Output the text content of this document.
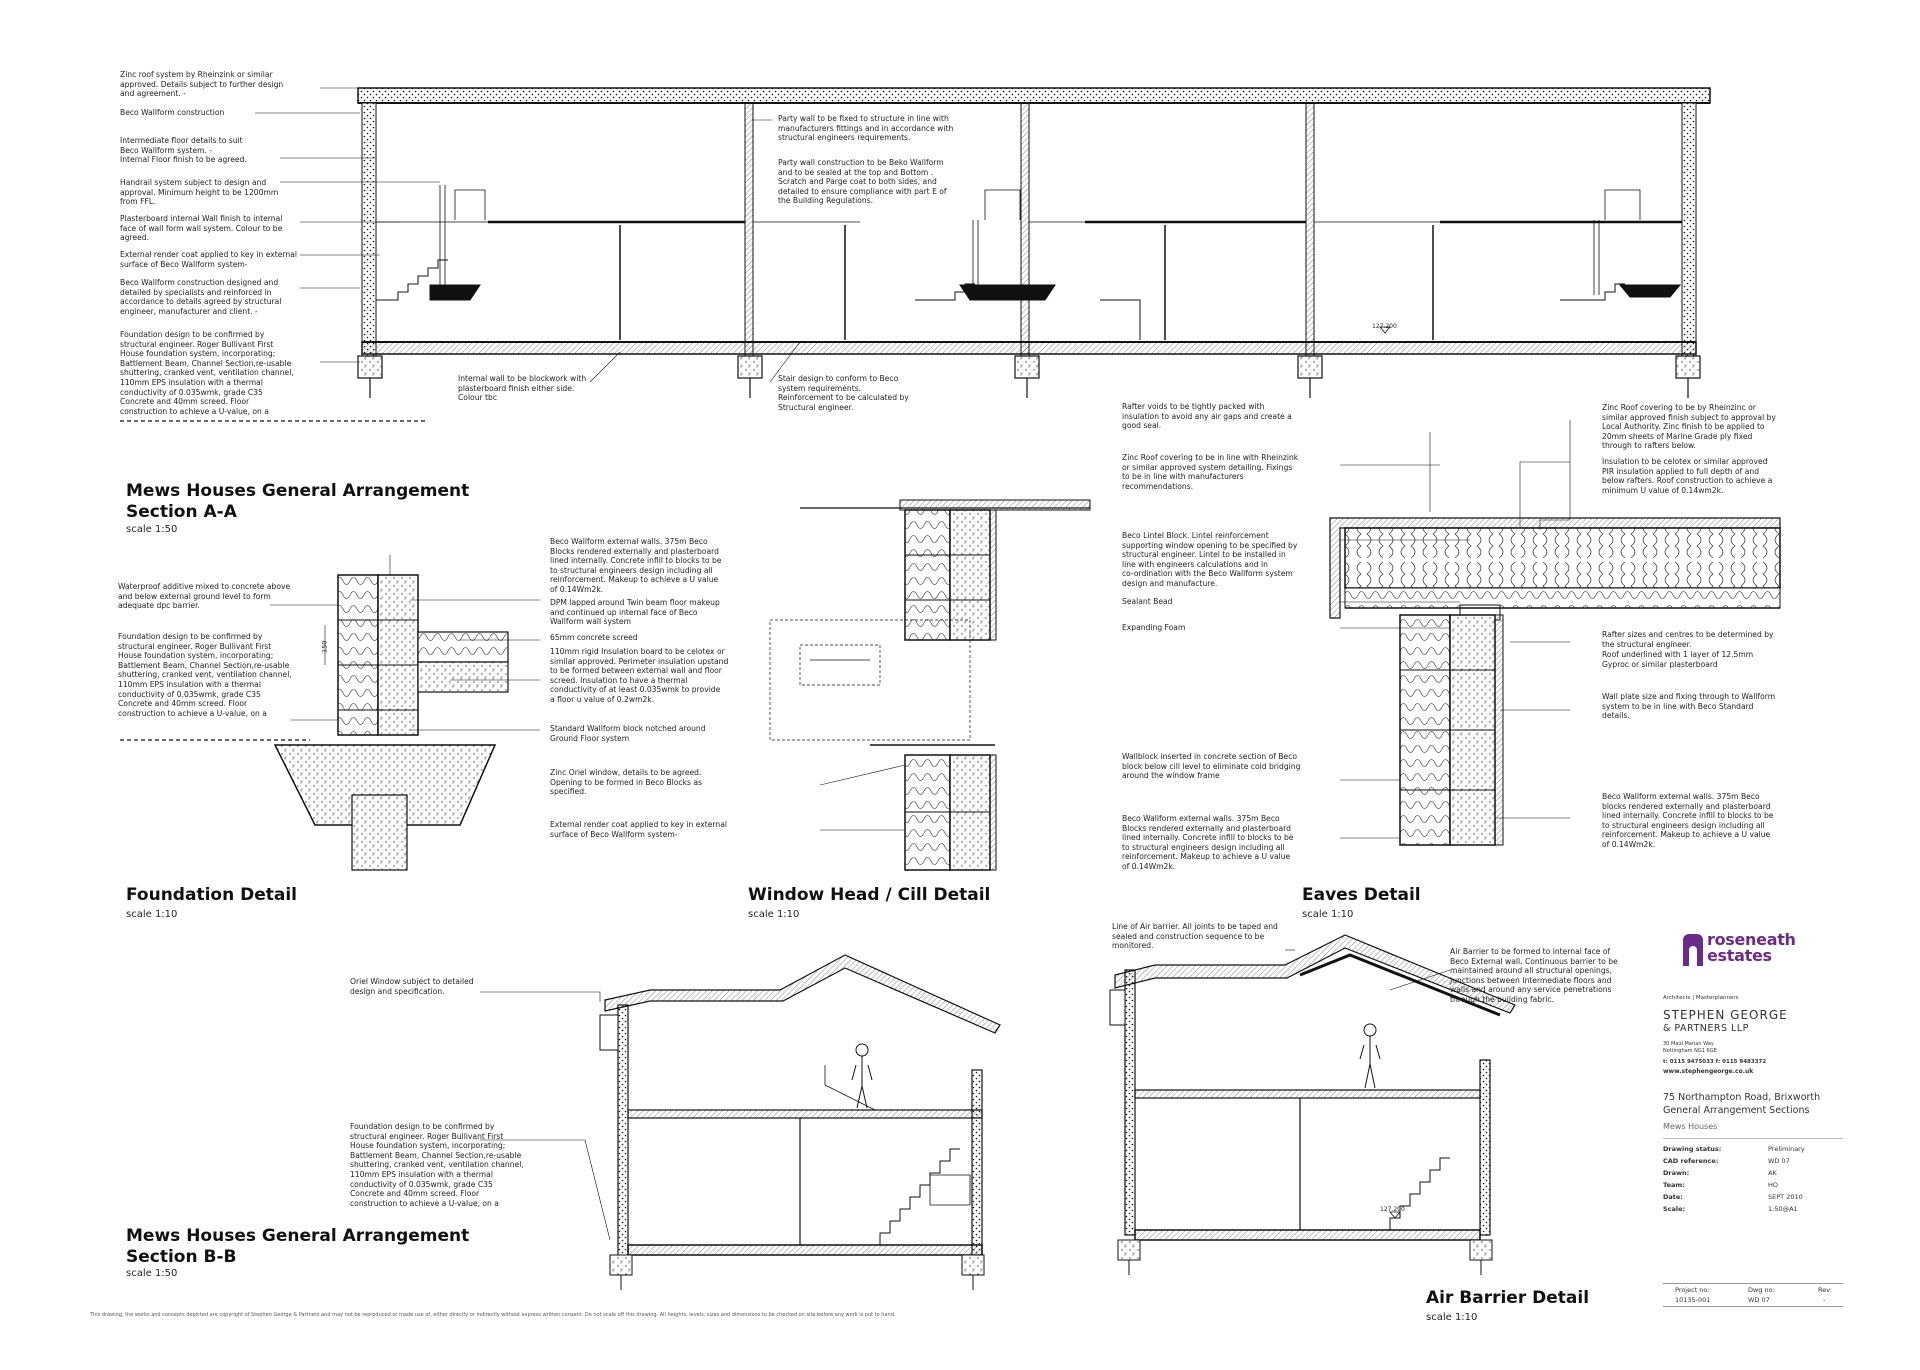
Zinc roof system by Rheinzink or similar
approved. Details subject to further design
and agreement. -
Beco Wallform construction
Intermediate floor details to suit
Beco Wallform system. -
Internal Floor finish to be agreed.
Handrail system subject to design and
approval. Minimum height to be 1200mm
from FFL.
Plasterboard internal Wall finish to internal
face of wall form wall system. Colour to be
agreed.
External render coat applied to key in external
surface of Beco Wallform system-
Beco Wallform construction designed and
detailed by specialists and reinforced in
accordance to details agreed by structural
engineer, manufacturer and client. -
Foundation design to be confirmed by
structural engineer. Roger Bullivant First
House foundation system, incorporating;
Battlement Beam, Channel Section,re-usable
shuttering, cranked vent, ventilation channel,
110mm EPS insulation with a thermal
conductivity of 0.035wmk, grade C35
Concrete and 40mm screed. Floor
construction to achieve a U-value, on a
Party wall to be fixed to structure in line with
manufacturers fittings and in accordance with
structural engineers requirements.
Party wall construction to be Beko Wallform
and to be sealed at the top and Bottom .
Scratch and Parge coat to both sides, and
detailed to ensure compliance with part E of
the Building Regulations.
Internal wall to be blockwork with
plasterboard finish either side.
Colour tbc
Stair design to conform to Beco
system requirements.
Reinforcement to be calculated by
Structural engineer.
127.200
Waterproof additive mixed to concrete above
and below external ground level to form
adequate dpc barrier.
Foundation design to be confirmed by
structural engineer. Roger Bullivant First
House foundation system, incorporating;
Battlement Beam, Channel Section,re-usable
shuttering, cranked vent, ventilation channel,
110mm EPS insulation with a thermal
conductivity of 0.035wmk, grade C35
Concrete and 40mm screed. Floor
construction to achieve a U-value, on a
Beco Wallform external walls. 375m Beco
Blocks rendered externally and plasterboard
lined internally. Concrete infill to blocks to be
to structural engineers design including all
reinforcement. Makeup to achieve a U value
of 0.14Wm2k.
DPM lapped around Twin beam floor makeup
and continued up internal face of Beco
Wallform wall system
65mm concrete screed
110mm rigid Insulation board to be celotex or
similar approved. Perimeter insulation upstand
to be formed between external wall and floor
screed. Insulation to have a thermal
conductivity of at least 0.035wmk to provide
a floor u value of 0.2wm2k.
Standard Wallform block notched around
Ground Floor system
150
Zinc Oriel window, details to be agreed.
Opening to be formed in Beco Blocks as
specified.
External render coat applied to key in external
surface of Beco Wallform system-
Rafter voids to be tightly packed with
insulation to avoid any air gaps and create a
good seal.
Zinc Roof covering to be in line with Rheinzink
or similar approved system detailing. Fixings
to be in line with manufacturers
recommendations.
Beco Lintel Block. Lintel reinforcement
supporting window opening to be specified by
structural engineer. Lintel to be installed in
line with engineers calculations and in
co-ordination with the Beco Wallform system
design and manufacture.
Sealant Bead
Expanding Foam
Wallblock inserted in concrete section of Beco
block below cill level to eliminate cold bridging
around the window frame
Beco Wallform external walls. 375m Beco
Blocks rendered externally and plasterboard
lined internally. Concrete infill to blocks to be
to structural engineers design including all
reinforcement. Makeup to achieve a U value
of 0.14Wm2k.
Zinc Roof covering to be by Rheinzinc or
similar approved finish subject to approval by
Local Authority. Zinc finish to be applied to
20mm sheets of Marine Grade ply fixed
through to rafters below.
Insulation to be celotex or similar approved
PIR insulation applied to full depth of and
below rafters. Roof construction to achieve a
minimum U value of 0.14wm2k.
Rafter sizes and centres to be determined by
the structural engineer.
Roof underlined with 1 layer of 12.5mm
Gyproc or similar plasterboard
Wall plate size and fixing through to Wallform
system to be in line with Beco Standard
details.
Beco Wallform external walls. 375m Beco
blocks rendered externally and plasterboard
lined internally. Concrete infill to blocks to be
to structural engineers design including all
reinforcement. Makeup to achieve a U value
of 0.14Wm2k.
Oriel Window subject to detailed
design and specification.
Foundation design to be confirmed by
structural engineer. Roger Bullivant First
House foundation system, incorporating;
Battlement Beam, Channel Section,re-usable
shuttering, cranked vent, ventilation channel,
110mm EPS insulation with a thermal
conductivity of 0.035wmk, grade C35
Concrete and 40mm screed. Floor
construction to achieve a U-value, on a
Line of Air barrier. All joints to be taped and
sealed and construction sequence to be
monitored.
Air Barrier to be formed to internal face of
Beco External wall. Continuous barrier to be
maintained around all structural openings,
Junctions between Intermediate floors and
walls and around any service penetrations
through the building fabric.
127.200
Mews Houses General Arrangement
Section A-A
scale 1:50
Foundation Detail
scale 1:10
Window Head / Cill Detail
scale 1:10
Eaves Detail
scale 1:10
Mews Houses General Arrangement
Section B-B
scale 1:50
Air Barrier Detail
scale 1:10
roseneath
estates
Architects | Masterplanners
STEPHEN GEORGE
& PARTNERS LLP
30 Maid Marian Way
Nottingham NG1 6GE
t: 0115 9475033 f: 0115 9483372
www.stephengeorge.co.uk
75 Northampton Road, Brixworth
General Arrangement Sections
Mews Houses
Drawing status:	Preliminary
CAD reference:	WD 07
Drawn:	AK
Team:	HO
Date:	SEPT 2010
Scale:	1:50@A1
Project no:
10135-001
Dwg no:
WD 07
Rev:
-
This drawing, the works and concepts depicted are copyright of Stephen George & Partners and may not be reproduced or made use of, either directly or indirectly without express written consent. Do not scale off this drawing. All heights, levels, sizes and dimensions to be checked on site before any work is put to hand.
